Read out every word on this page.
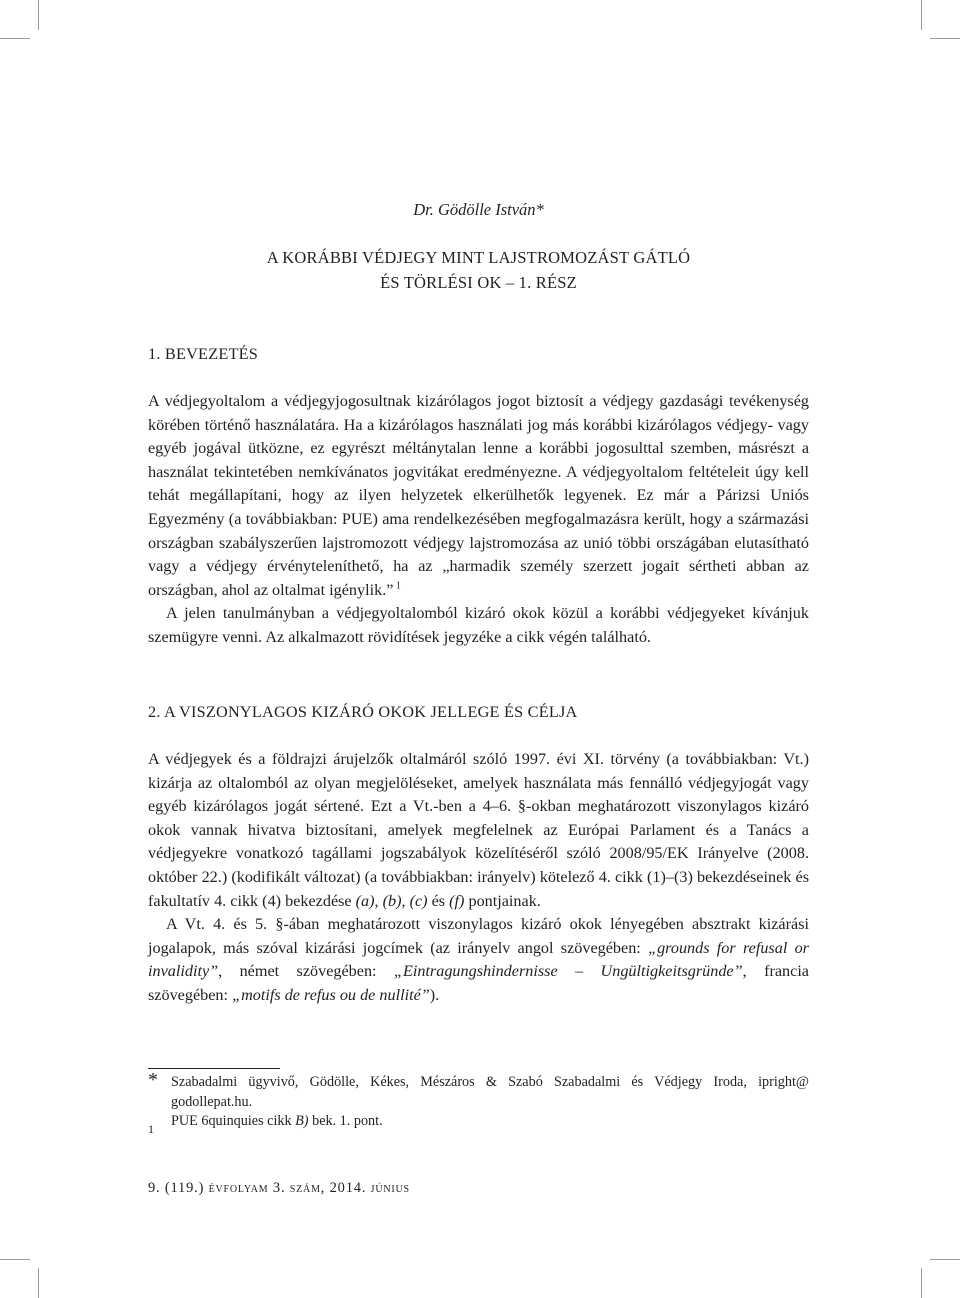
Dr. Gödölle István*
A KORÁBBI VÉDJEGY MINT LAJSTROMOZÁST GÁTLÓ
ÉS TÖRLÉSI OK – 1. RÉSZ
1. BEVEZETÉS

A védjegyoltalom a védjegyjogosultnak kizárólagos jogot biztosít a védjegy gazdasági tevékenység körében történő használatára. Ha a kizárólagos használati jog más korábbi kizárólagos védjegy- vagy egyéb jogával ütközne, ez egyrészt méltánytalan lenne a korábbi jogosulttal szemben, másrészt a használat tekintetében nemkívánatos jogvitákat eredményezne. A védjegyoltalom feltételeit úgy kell tehát megállapítani, hogy az ilyen helyzetek elkerülhetők legyenek. Ez már a Párizsi Uniós Egyezmény (a továbbiakban: PUE) ama rendelkezésében megfogalmazásra került, hogy a származási országban szabályszerűen lajstromozott védjegy lajstromozása az unió többi országában elutasítható vagy a védjegy érvényteleníthető, ha az „harmadik személy szerzett jogait sértheti abban az országban, ahol az oltalmat igénylik.” $^1$

A jelen tanulmányban a védjegyoltalomból kizáró okok közül a korábbi védjegyeket kívánjuk szemügyre venni. Az alkalmazott rövidítések jegyzéke a cikk végén található.

2. A VISZONYLAGOS KIZÁRÓ OKOK JELLEGE ÉS CÉLJA

A védjegyek és a földrajzi árujelzők oltalmáról szóló 1997. évi XI. törvény (a továbbiakban: Vt.) kizárja az oltalomból az olyan megjelöléseket, amelyek használata más fennálló védjegyjogát vagy egyéb kizárólagos jogát sértené. Ezt a Vt.-ben a 4–6. §-okban meghatározott viszonylagos kizáró okok vannak hivatva biztosítani, amelyek megfelelnek az Európai Parlament és a Tanács a védjegyekre vonatkozó tagállami jogszabályok közelítéséről szóló 2008/95/EK Irányelve (2008. október 22.) (kodifikált változat) (a továbbiakban: irányelv) kötelező 4. cikk (1)–(3) bekezdéseinek és fakultatív 4. cikk (4) bekezdése (a), (b), (c) és (f) pontjainak.

A Vt. 4. és 5. §-ában meghatározott viszonylagos kizáró okok lényegében absztrakt kizárási jogalapok, más szóval kizárási jogcímek (az irányelv angol szövegében: „grounds for refusal or invalidity”, német szövegében: „Eintragungshindernisse – Ungültigkeitsgründe”, francia szövegében: „motifs de refus ou de nullité”).

* Szabadalmi ügyvivő, Gödölle, Kékes, Mészáros & Szabó Szabadalmi és Védjegy Iroda, ipright@ godollepat.hu.
1 PUE 6quinquies cikk B) bek. 1. pont.
9. (119.) évfolyam 3. szám, 2014. június
